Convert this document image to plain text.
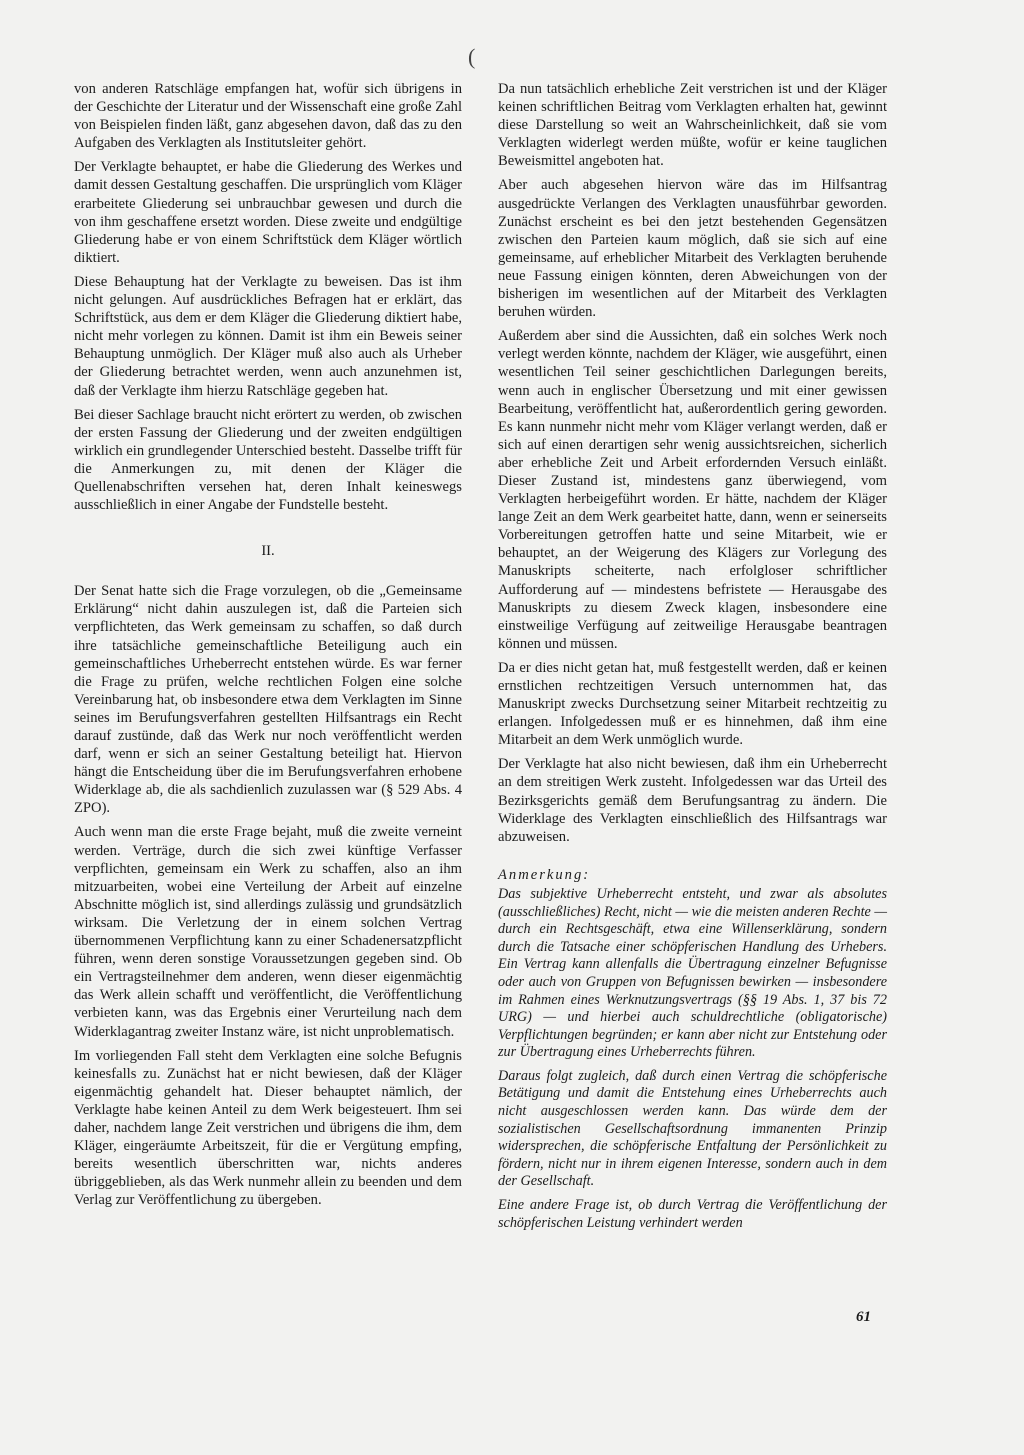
(

von anderen Ratschläge empfangen hat, wofür sich übrigens in der Geschichte der Literatur und der Wissenschaft eine große Zahl von Beispielen finden läßt, ganz abgesehen davon, daß das zu den Aufgaben des Verklagten als Institutsleiter gehört.

Der Verklagte behauptet, er habe die Gliederung des Werkes und damit dessen Gestaltung geschaffen. Die ursprünglich vom Kläger erarbeitete Gliederung sei unbrauchbar gewesen und durch die von ihm geschaffene ersetzt worden. Diese zweite und endgültige Gliederung habe er von einem Schriftstück dem Kläger wörtlich diktiert.

Diese Behauptung hat der Verklagte zu beweisen. Das ist ihm nicht gelungen. Auf ausdrückliches Befragen hat er erklärt, das Schriftstück, aus dem er dem Kläger die Gliederung diktiert habe, nicht mehr vorlegen zu können. Damit ist ihm ein Beweis seiner Behauptung unmöglich. Der Kläger muß also auch als Urheber der Gliederung betrachtet werden, wenn auch anzunehmen ist, daß der Verklagte ihm hierzu Ratschläge gegeben hat.

Bei dieser Sachlage braucht nicht erörtert zu werden, ob zwischen der ersten Fassung der Gliederung und der zweiten endgültigen wirklich ein grundlegender Unterschied besteht. Dasselbe trifft für die Anmerkungen zu, mit denen der Kläger die Quellenabschriften versehen hat, deren Inhalt keineswegs ausschließlich in einer Angabe der Fundstelle besteht.

II.

Der Senat hatte sich die Frage vorzulegen, ob die „Gemeinsame Erklärung“ nicht dahin auszulegen ist, daß die Parteien sich verpflichteten, das Werk gemeinsam zu schaffen, so daß durch ihre tatsächliche gemeinschaftliche Beteiligung auch ein gemeinschaftliches Urheberrecht entstehen würde. Es war ferner die Frage zu prüfen, welche rechtlichen Folgen eine solche Vereinbarung hat, ob insbesondere etwa dem Verklagten im Sinne seines im Berufungsverfahren gestellten Hilfsantrags ein Recht darauf zustünde, daß das Werk nur noch veröffentlicht werden darf, wenn er sich an seiner Gestaltung beteiligt hat. Hiervon hängt die Entscheidung über die im Berufungsverfahren erhobene Widerklage ab, die als sachdienlich zuzulassen war (§ 529 Abs. 4 ZPO).

Auch wenn man die erste Frage bejaht, muß die zweite verneint werden. Verträge, durch die sich zwei künftige Verfasser verpflichten, gemeinsam ein Werk zu schaffen, also an ihm mitzuarbeiten, wobei eine Verteilung der Arbeit auf einzelne Abschnitte möglich ist, sind allerdings zulässig und grundsätzlich wirksam. Die Verletzung der in einem solchen Vertrag übernommenen Verpflichtung kann zu einer Schadenersatzpflicht führen, wenn deren sonstige Voraussetzungen gegeben sind. Ob ein Vertragsteilnehmer dem anderen, wenn dieser eigenmächtig das Werk allein schafft und veröffentlicht, die Veröffentlichung verbieten kann, was das Ergebnis einer Verurteilung nach dem Widerklagantrag zweiter Instanz wäre, ist nicht unproblematisch.

Im vorliegenden Fall steht dem Verklagten eine solche Befugnis keinesfalls zu. Zunächst hat er nicht bewiesen, daß der Kläger eigenmächtig gehandelt hat. Dieser behauptet nämlich, der Verklagte habe keinen Anteil zu dem Werk beigesteuert. Ihm sei daher, nachdem lange Zeit verstrichen und übrigens die ihm, dem Kläger, eingeräumte Arbeitszeit, für die er Vergütung empfing, bereits wesentlich überschritten war, nichts anderes übriggeblieben, als das Werk nunmehr allein zu beenden und dem Verlag zur Veröffentlichung zu übergeben.

Da nun tatsächlich erhebliche Zeit verstrichen ist und der Kläger keinen schriftlichen Beitrag vom Verklagten erhalten hat, gewinnt diese Darstellung so weit an Wahrscheinlichkeit, daß sie vom Verklagten widerlegt werden müßte, wofür er keine tauglichen Beweismittel angeboten hat.

Aber auch abgesehen hiervon wäre das im Hilfsantrag ausgedrückte Verlangen des Verklagten unausführbar geworden. Zunächst erscheint es bei den jetzt bestehenden Gegensätzen zwischen den Parteien kaum möglich, daß sie sich auf eine gemeinsame, auf erheblicher Mitarbeit des Verklagten beruhende neue Fassung einigen könnten, deren Abweichungen von der bisherigen im wesentlichen auf der Mitarbeit des Verklagten beruhen würden.

Außerdem aber sind die Aussichten, daß ein solches Werk noch verlegt werden könnte, nachdem der Kläger, wie ausgeführt, einen wesentlichen Teil seiner geschichtlichen Darlegungen bereits, wenn auch in englischer Übersetzung und mit einer gewissen Bearbeitung, veröffentlicht hat, außerordentlich gering geworden. Es kann nunmehr nicht mehr vom Kläger verlangt werden, daß er sich auf einen derartigen sehr wenig aussichtsreichen, sicherlich aber erhebliche Zeit und Arbeit erfordernden Versuch einläßt. Dieser Zustand ist, mindestens ganz überwiegend, vom Verklagten herbeigeführt worden. Er hätte, nachdem der Kläger lange Zeit an dem Werk gearbeitet hatte, dann, wenn er seinerseits Vorbereitungen getroffen hatte und seine Mitarbeit, wie er behauptet, an der Weigerung des Klägers zur Vorlegung des Manuskripts scheiterte, nach erfolgloser schriftlicher Aufforderung auf — mindestens befristete — Herausgabe des Manuskripts zu diesem Zweck klagen, insbesondere eine einstweilige Verfügung auf zeitweilige Herausgabe beantragen können und müssen.

Da er dies nicht getan hat, muß festgestellt werden, daß er keinen ernstlichen rechtzeitigen Versuch unternommen hat, das Manuskript zwecks Durchsetzung seiner Mitarbeit rechtzeitig zu erlangen. Infolgedessen muß er es hinnehmen, daß ihm eine Mitarbeit an dem Werk unmöglich wurde.

Der Verklagte hat also nicht bewiesen, daß ihm ein Urheberrecht an dem streitigen Werk zusteht. Infolgedessen war das Urteil des Bezirksgerichts gemäß dem Berufungsantrag zu ändern. Die Widerklage des Verklagten einschließlich des Hilfsantrags war abzuweisen.

Anmerkung:

Das subjektive Urheberrecht entsteht, und zwar als absolutes (ausschließliches) Recht, nicht — wie die meisten anderen Rechte — durch ein Rechtsgeschäft, etwa eine Willenserklärung, sondern durch die Tatsache einer schöpferischen Handlung des Urhebers. Ein Vertrag kann allenfalls die Übertragung einzelner Befugnisse oder auch von Gruppen von Befugnissen bewirken — insbesondere im Rahmen eines Werknutzungsvertrags (§§ 19 Abs. 1, 37 bis 72 URG) — und hierbei auch schuldrechtliche (obligatorische) Verpflichtungen begründen; er kann aber nicht zur Entstehung oder zur Übertragung eines Urheberrechts führen.

Daraus folgt zugleich, daß durch einen Vertrag die schöpferische Betätigung und damit die Entstehung eines Urheberrechts auch nicht ausgeschlossen werden kann. Das würde dem der sozialistischen Gesellschaftsordnung immanenten Prinzip widersprechen, die schöpferische Entfaltung der Persönlichkeit zu fördern, nicht nur in ihrem eigenen Interesse, sondern auch in dem der Gesellschaft.

Eine andere Frage ist, ob durch Vertrag die Veröffentlichung der schöpferischen Leistung verhindert werden

61
